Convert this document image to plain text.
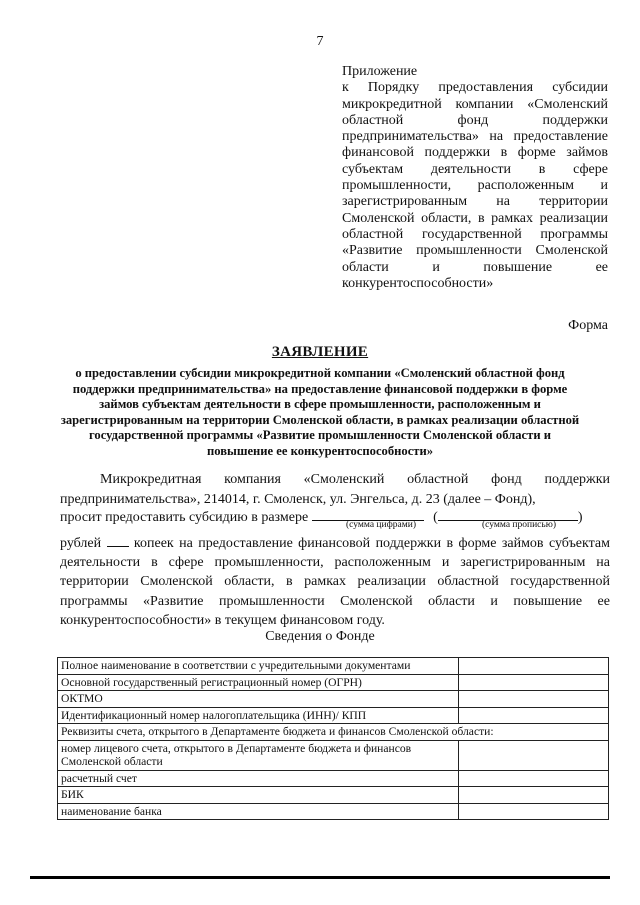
7

Приложение

к Порядку предоставления субсидии микрокредитной компании «Смоленский областной фонд поддержки предпринимательства» на предоставление финансовой поддержки в форме займов субъектам деятельности в сфере промышленности, расположенным и зарегистрированным на территории Смоленской области, в рамках реализации областной государственной программы «Развитие промышленности Смоленской области и повышение ее конкурентоспособности»

Форма
ЗАЯВЛЕНИЕ
о предоставлении субсидии микрокредитной компании «Смоленский областной фонд поддержки предпринимательства» на предоставление финансовой поддержки в форме займов субъектам деятельности в сфере промышленности, расположенным и зарегистрированным на территории Смоленской области, в рамках реализации областной государственной программы «Развитие промышленности Смоленской области и повышение ее конкурентоспособности»
Микрокредитная компания «Смоленский областной фонд поддержки предпринимательства», 214014, г. Смоленск, ул. Энгельса, д. 23 (далее – Фонд),
просит предоставить субсидию в размере	(	)
(сумма цифрами)	(сумма прописью)
рублей копеек на предоставление финансовой поддержки в форме займов субъектам деятельности в сфере промышленности, расположенным и зарегистрированным на территории Смоленской области, в рамках реализации областной государственной программы «Развитие промышленности Смоленской области и повышение ее конкурентоспособности» в текущем финансовом году.
Сведения о Фонде
Полное наименование в соответствии с учредительными документами	
Основной государственный регистрационный номер (ОГРН)	
ОКТМО	
Идентификационный номер налогоплательщика (ИНН)/ КПП	
Реквизиты счета, открытого в Департаменте бюджета и финансов Смоленской области:	
номер лицевого счета, открытого в Департаменте бюджета и финансов Смоленской области	
расчетный счет	
БИК	
наименование банка	
